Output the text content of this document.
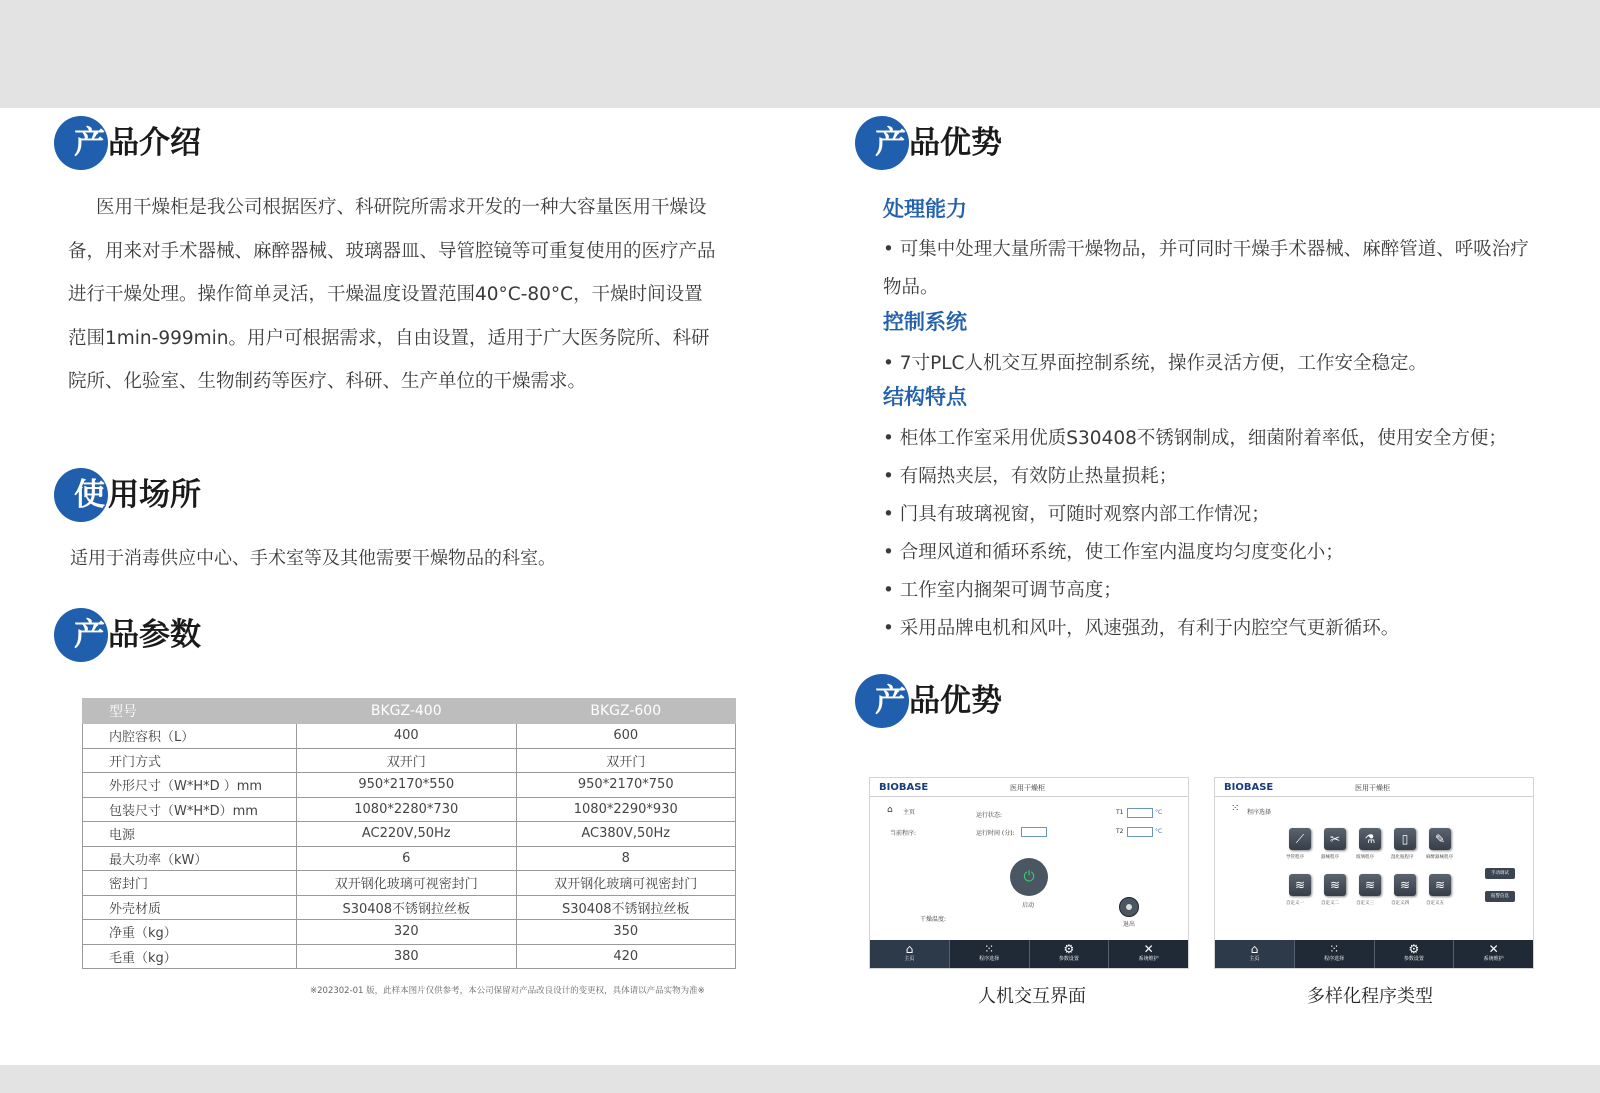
产 品介绍

医用干燥柜是我公司根据医疗、科研院所需求开发的一种大容量医用干燥设备，用来对手术器械、麻醉器械、玻璃器皿、导管腔镜等可重复使用的医疗产品进行干燥处理。操作简单灵活，干燥温度设置范围40°C-80°C，干燥时间设置范围1min-999min。用户可根据需求，自由设置，适用于广大医务院所、科研院所、化验室、生物制药等医疗、科研、生产单位的干燥需求。

使 用场所

适用于消毒供应中心、手术室等及其他需要干燥物品的科室。

产 品参数
型号	BKGZ-400	BKGZ-600
内腔容积（L）	400	600
开门方式	双开门	双开门
外形尺寸（W*H*D ）mm	950*2170*550	950*2170*750
包装尺寸（W*H*D）mm	1080*2280*730	1080*2290*930
电源	AC220V,50Hz	AC380V,50Hz
最大功率（kW）	6	8
密封门	双开钢化玻璃可视密封门	双开钢化玻璃可视密封门
外壳材质	S30408不锈钢拉丝板	S30408不锈钢拉丝板
净重（kg）	320	350
毛重（kg）	380	420
※202302-01 版，此样本图片仅供参考，本公司保留对产品改良设计的变更权，具体请以产品实物为准※
产 品优势
处理能力

• 可集中处理大量所需干燥物品，并可同时干燥手术器械、麻醉管道、呼吸治疗物品。

控制系统

• 7寸PLC人机交互界面控制系统，操作灵活方便，工作安全稳定。

结构特点

• 柜体工作室采用优质S30408不锈钢制成，细菌附着率低，使用安全方便；

• 有隔热夹层，有效防止热量损耗；

• 门具有玻璃视窗，可随时观察内部工作情况；

• 合理风道和循环系统，使工作室内温度均匀度变化小；

• 工作室内搁架可调节高度；

• 采用品牌电机和风叶，风速强劲，有利于内腔空气更新循环。

产 品优势
BIOBASE	医用干燥柜
⌂ 主页
当前程序:
运行状态:
运行时间 (分):
T1	°C
T2	°C
⏻
启动
退出
干燥温度:
⌂
主页
⁙
程序选择
⚙
参数设置
✕
系统维护
人机交互界面
BIOBASE	医用干燥柜
⁙ 程序选择
⟋
导管程序
✂
器械程序
⚗
玻璃程序
▯
湿化瓶程序
✎
麻醉器械程序
≋
自定义一
≋
自定义二
≋
自定义三
≋
自定义四
≋
自定义五
手动调试
报警信息
⌂
主页
⁙
程序选择
⚙
参数设置
✕
系统维护
多样化程序类型
